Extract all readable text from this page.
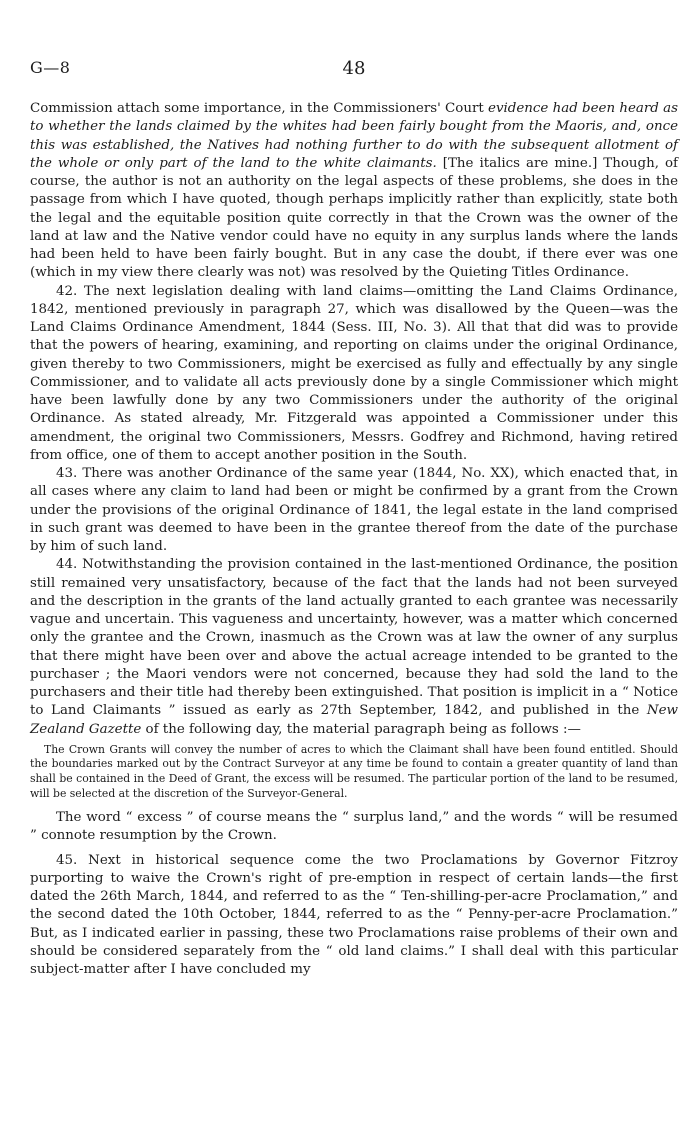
G—8	48

Commission attach some importance, in the Commissioners' Court evidence had been heard as to whether the lands claimed by the whites had been fairly bought from the Maoris, and, once this was established, the Natives had nothing further to do with the subsequent allotment of the whole or only part of the land to the white claimants. [The italics are mine.] Though, of course, the author is not an authority on the legal aspects of these problems, she does in the passage from which I have quoted, though perhaps implicitly rather than explicitly, state both the legal and the equitable position quite correctly in that the Crown was the owner of the land at law and the Native vendor could have no equity in any surplus lands where the lands had been held to have been fairly bought. But in any case the doubt, if there ever was one (which in my view there clearly was not) was resolved by the Quieting Titles Ordinance.

42. The next legislation dealing with land claims—omitting the Land Claims Ordinance, 1842, mentioned previously in paragraph 27, which was disallowed by the Queen—was the Land Claims Ordinance Amendment, 1844 (Sess. III, No. 3). All that that did was to provide that the powers of hearing, examining, and reporting on claims under the original Ordinance, given thereby to two Commissioners, might be exercised as fully and effectually by any single Commissioner, and to validate all acts previously done by a single Commissioner which might have been lawfully done by any two Commissioners under the authority of the original Ordinance. As stated already, Mr. Fitzgerald was appointed a Commissioner under this amendment, the original two Commissioners, Messrs. Godfrey and Richmond, having retired from office, one of them to accept another position in the South.

43. There was another Ordinance of the same year (1844, No. XX), which enacted that, in all cases where any claim to land had been or might be confirmed by a grant from the Crown under the provisions of the original Ordinance of 1841, the legal estate in the land comprised in such grant was deemed to have been in the grantee thereof from the date of the purchase by him of such land.

44. Notwithstanding the provision contained in the last-mentioned Ordinance, the position still remained very unsatisfactory, because of the fact that the lands had not been surveyed and the description in the grants of the land actually granted to each grantee was necessarily vague and uncertain. This vagueness and uncertainty, however, was a matter which concerned only the grantee and the Crown, inasmuch as the Crown was at law the owner of any surplus that there might have been over and above the actual acreage intended to be granted to the purchaser ; the Maori vendors were not concerned, because they had sold the land to the purchasers and their title had thereby been extinguished. That position is implicit in a “ Notice to Land Claimants ” issued as early as 27th September, 1842, and published in the New Zealand Gazette of the following day, the material paragraph being as follows :—

The Crown Grants will convey the number of acres to which the Claimant shall have been found entitled. Should the boundaries marked out by the Contract Surveyor at any time be found to contain a greater quantity of land than shall be contained in the Deed of Grant, the excess will be resumed. The particular portion of the land to be resumed, will be selected at the discretion of the Surveyor-General.

The word “ excess ” of course means the “ surplus land,” and the words “ will be resumed ” connote resumption by the Crown.

45. Next in historical sequence come the two Proclamations by Governor Fitzroy purporting to waive the Crown's right of pre-emption in respect of certain lands—the first dated the 26th March, 1844, and referred to as the “ Ten-shilling-per-acre Proclamation,” and the second dated the 10th October, 1844, referred to as the “ Penny-per-acre Proclamation.” But, as I indicated earlier in passing, these two Proclamations raise problems of their own and should be considered separately from the “ old land claims.” I shall deal with this particular subject-matter after I have concluded my
